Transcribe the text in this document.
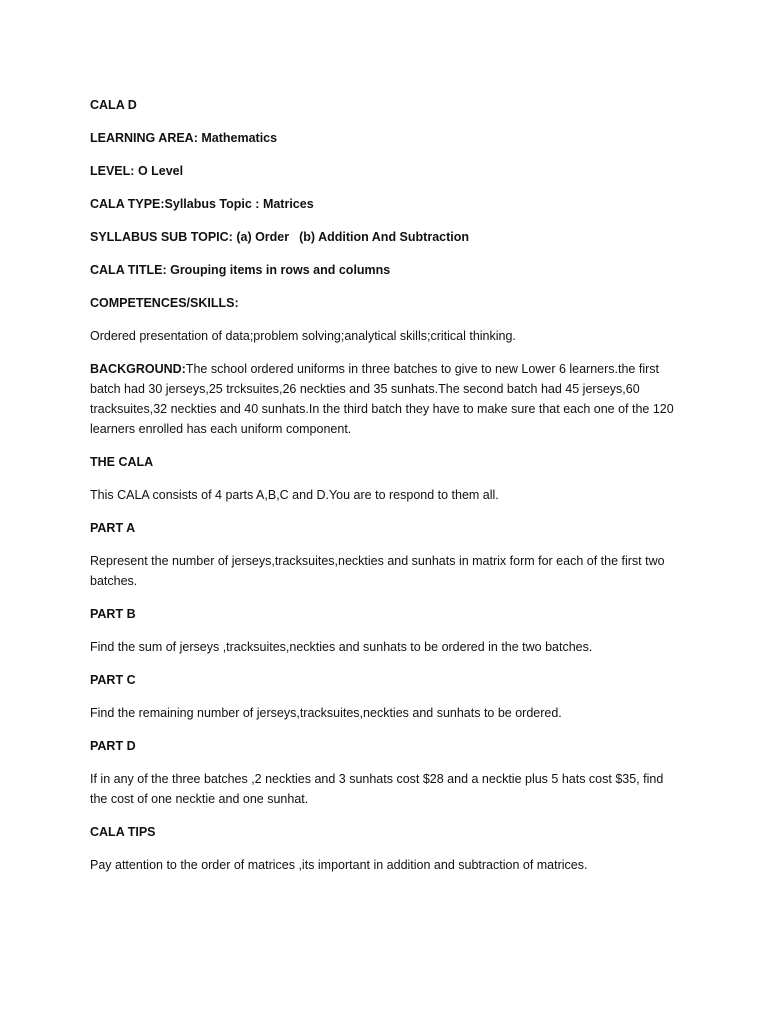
CALA D
LEARNING AREA: Mathematics
LEVEL: O Level
CALA TYPE:Syllabus Topic : Matrices
SYLLABUS SUB TOPIC: (a) Order (b) Addition And Subtraction
CALA TITLE: Grouping items in rows and columns
COMPETENCES/SKILLS:
Ordered presentation of data;problem solving;analytical skills;critical thinking.
BACKGROUND:The school ordered uniforms in three batches to give to new Lower 6 learners.the first batch had 30 jerseys,25 trcksuites,26 neckties and 35 sunhats.The second batch had 45 jerseys,60 tracksuites,32 neckties and 40 sunhats.In the third batch they have to make sure that each one of the 120 learners enrolled has each uniform component.
THE CALA
This CALA consists of 4 parts A,B,C and D.You are to respond to them all.
PART A
Represent the number of jerseys,tracksuites,neckties and sunhats in matrix form for each of the first two batches.
PART B
Find the sum of jerseys ,tracksuites,neckties and sunhats to be ordered in the two batches.
PART C
Find the remaining number of jerseys,tracksuites,neckties and sunhats to be ordered.
PART D
If in any of the three batches ,2 neckties and 3 sunhats cost $28 and a necktie plus 5 hats cost $35, find the cost of one necktie and one sunhat.
CALA TIPS
Pay attention to the order of matrices ,its important in addition and subtraction of matrices.
